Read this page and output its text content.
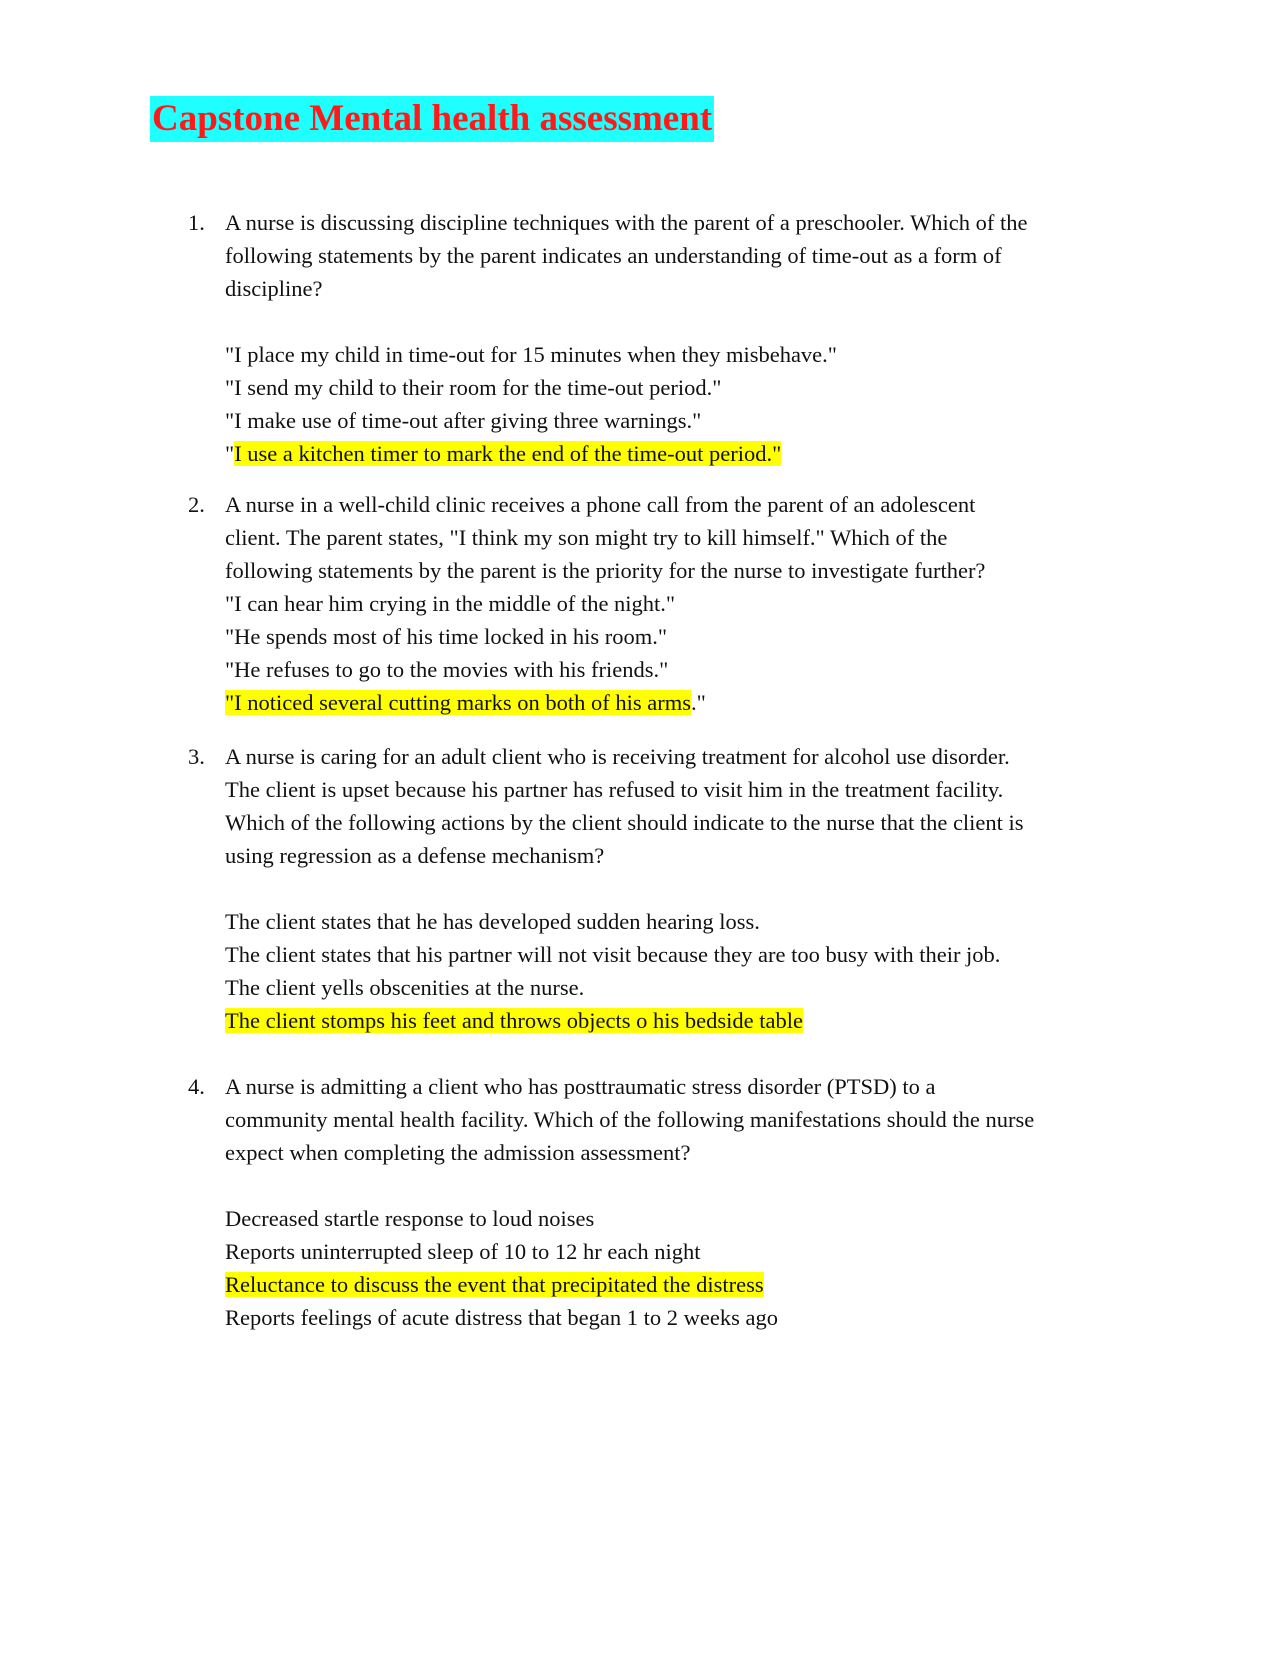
Capstone Mental health assessment
1. A nurse is discussing discipline techniques with the parent of a preschooler. Which of the
following statements by the parent indicates an understanding of time-out as a form of
discipline?

"I place my child in time-out for 15 minutes when they misbehave."

"I send my child to their room for the time-out period."

"I make use of time-out after giving three warnings."

"I use a kitchen timer to mark the end of the time-out period."

2. A nurse in a well-child clinic receives a phone call from the parent of an adolescent
client. The parent states, "I think my son might try to kill himself." Which of the
following statements by the parent is the priority for the nurse to investigate further?

"I can hear him crying in the middle of the night."

"He spends most of his time locked in his room."

"He refuses to go to the movies with his friends."

"I noticed several cutting marks on both of his arms."

3. A nurse is caring for an adult client who is receiving treatment for alcohol use disorder.
The client is upset because his partner has refused to visit him in the treatment facility.
Which of the following actions by the client should indicate to the nurse that the client is
using regression as a defense mechanism?

The client states that he has developed sudden hearing loss.

The client states that his partner will not visit because they are too busy with their job.

The client yells obscenities at the nurse.

The client stomps his feet and throws objects o his bedside table

4. A nurse is admitting a client who has posttraumatic stress disorder (PTSD) to a
community mental health facility. Which of the following manifestations should the nurse
expect when completing the admission assessment?

Decreased startle response to loud noises

Reports uninterrupted sleep of 10 to 12 hr each night

Reluctance to discuss the event that precipitated the distress

Reports feelings of acute distress that began 1 to 2 weeks ago
